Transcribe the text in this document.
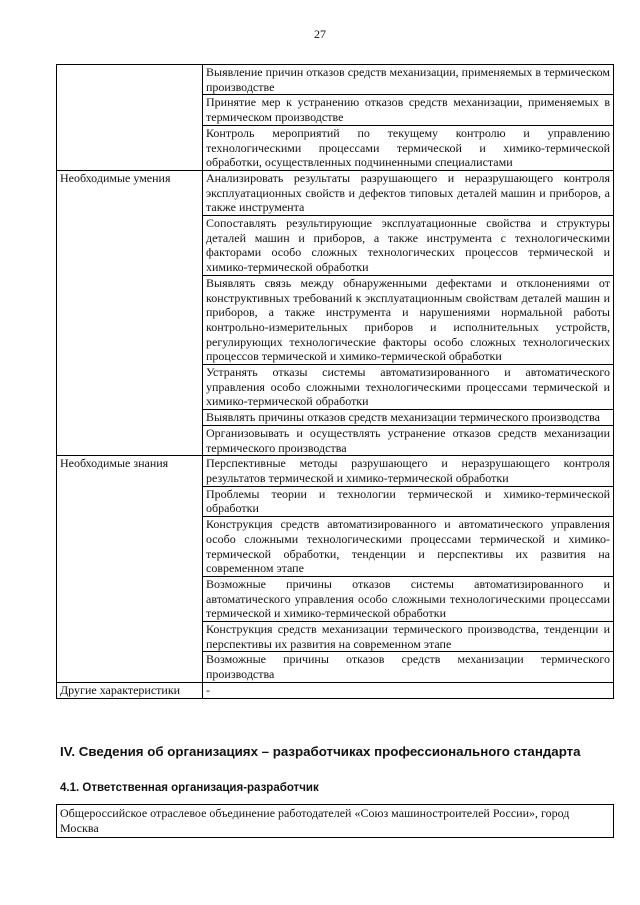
27
	Выявление причин отказов средств механизации, применяемых в термическом производстве
	Принятие мер к устранению отказов средств механизации, применяемых в термическом производстве
	Контроль мероприятий по текущему контролю и управлению технологическими процессами термической и химико-термической обработки, осуществленных подчиненными специалистами
Необходимые умения	Анализировать результаты разрушающего и неразрушающего контроля эксплуатационных свойств и дефектов типовых деталей машин и приборов, а также инструмента
	Сопоставлять результирующие эксплуатационные свойства и структуры деталей машин и приборов, а также инструмента с технологическими факторами особо сложных технологических процессов термической и химико-термической обработки
	Выявлять связь между обнаруженными дефектами и отклонениями от конструктивных требований к эксплуатационным свойствам деталей машин и приборов, а также инструмента и нарушениями нормальной работы контрольно-измерительных приборов и исполнительных устройств, регулирующих технологические факторы особо сложных технологических процессов термической и химико-термической обработки
	Устранять отказы системы автоматизированного и автоматического управления особо сложными технологическими процессами термической и химико-термической обработки
	Выявлять причины отказов средств механизации термического производства
	Организовывать и осуществлять устранение отказов средств механизации термического производства
Необходимые знания	Перспективные методы разрушающего и неразрушающего контроля результатов термической и химико-термической обработки
	Проблемы теории и технологии термической и химико-термической обработки
	Конструкция средств автоматизированного и автоматического управления особо сложными технологическими процессами термической и химико-термической обработки, тенденции и перспективы их развития на современном этапе
	Возможные причины отказов системы автоматизированного и автоматического управления особо сложными технологическими процессами термической и химико-термической обработки
	Конструкция средств механизации термического производства, тенденции и перспективы их развития на современном этапе
	Возможные причины отказов средств механизации термического производства
Другие характеристики	-
IV. Сведения об организациях – разработчиках профессионального стандарта
4.1. Ответственная организация-разработчик
Общероссийское отраслевое объединение работодателей «Союз машиностроителей России», город Москва
